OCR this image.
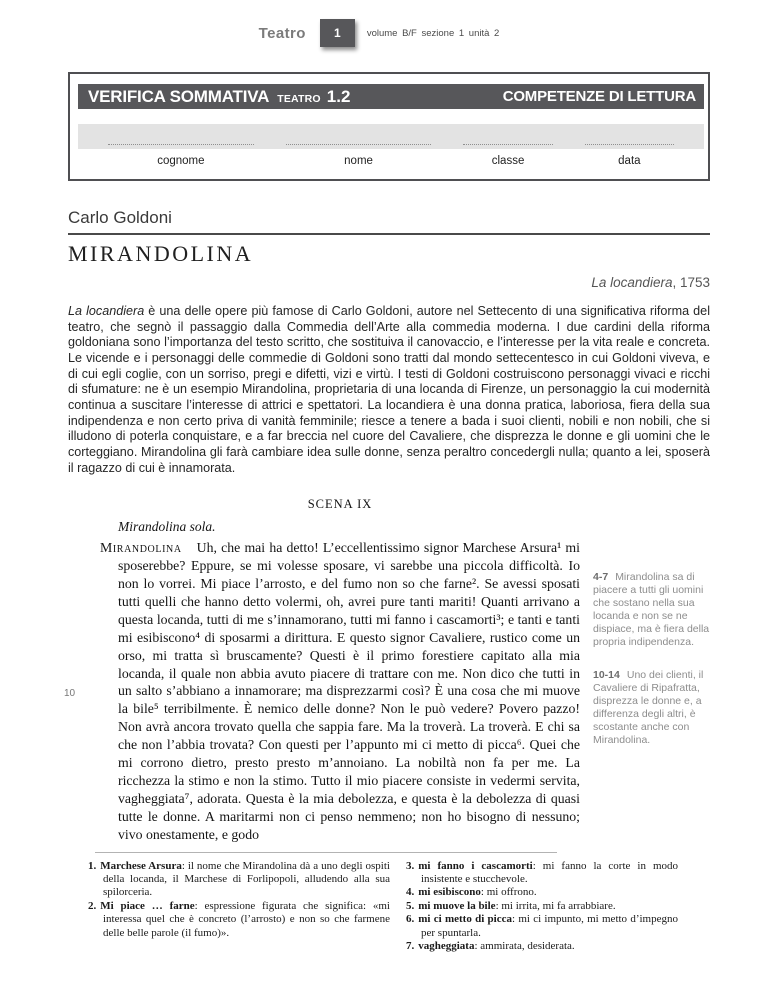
Teatro	1	volume B/F sezione 1 unità 2
VERIFICA SOMMATIVA TEATRO 1.2	COMPETENZE DI LETTURA
cognome	nome	classe	data
Carlo Goldoni
MIRANDOLINA
La locandiera, 1753

La locandiera è una delle opere più famose di Carlo Goldoni, autore nel Settecento di una significativa riforma del teatro, che segnò il passaggio dalla Commedia dell’Arte alla commedia moderna. I due cardini della riforma goldoniana sono l’importanza del testo scritto, che sostituiva il canovaccio, e l’interesse per la vita reale e concreta. Le vicende e i personaggi delle commedie di Goldoni sono tratti dal mondo settecentesco in cui Goldoni viveva, e di cui egli coglie, con un sorriso, pregi e difetti, vizi e virtù. I testi di Goldoni costruiscono personaggi vivaci e ricchi di sfumature: ne è un esempio Mirandolina, proprietaria di una locanda di Firenze, un personaggio la cui modernità continua a suscitare l’interesse di attrici e spettatori. La locandiera è una donna pratica, laboriosa, fiera della sua indipendenza e non certo priva di vanità femminile; riesce a tenere a bada i suoi clienti, nobili e non nobili, che si illudono di poterla conquistare, e a far breccia nel cuore del Cavaliere, che disprezza le donne e gli uomini che le corteggiano. Mirandolina gli farà cambiare idea sulle donne, senza peraltro concedergli nulla; quanto a lei, sposerà il ragazzo di cui è innamorata.

SCENA IX
Mirandolina sola.

10
Mirandolina Uh, che mai ha detto! L’eccellentissimo signor Marchese Arsura¹ mi sposerebbe? Eppure, se mi volesse sposare, vi sarebbe una piccola difficoltà. Io non lo vorrei. Mi piace l’arrosto, e del fumo non so che farne². Se avessi sposati tutti quelli che hanno detto volermi, oh, avrei pure tanti mariti! Quanti arrivano a questa locanda, tutti di me s’innamorano, tutti mi fanno i cascamorti³; e tanti e tanti mi esibiscono⁴ di sposarmi a dirittura. E questo signor Cavaliere, rustico come un orso, mi tratta sì bruscamente? Questi è il primo forestiere capitato alla mia locanda, il quale non abbia avuto piacere di trattare con me. Non dico che tutti in un salto s’abbiano a innamorare; ma disprezzarmi così? È una cosa che mi muove la bile⁵ terribilmente. È nemico delle donne? Non le può vedere? Povero pazzo! Non avrà ancora trovato quella che sappia fare. Ma la troverà. La troverà. E chi sa che non l’abbia trovata? Con questi per l’appunto mi ci metto di picca⁶. Quei che mi corrono dietro, presto presto m’annoiano. La nobiltà non fa per me. La ricchezza la stimo e non la stimo. Tutto il mio piacere consiste in vedermi servita, vagheggiata⁷, adorata. Questa è la mia debolezza, e questa è la debolezza di quasi tutte le donne. A maritarmi non ci penso nemmeno; non ho bisogno di nessuno; vivo onestamente, e godo

4-7 Mirandolina sa di piacere a tutti gli uomini che sostano nella sua locanda e non se ne dispiace, ma è fiera della propria indipendenza.
10-14 Uno dei clienti, il Cavaliere di Ripafratta, disprezza le donne e, a differenza degli altri, è scostante anche con Mirandolina.
1. Marchese Arsura: il nome che Mirandolina dà a uno degli ospiti della locanda, il Marchese di Forlipopoli, alludendo alla sua spilorceria.
2. Mi piace … farne: espressione figurata che significa: «mi interessa quel che è concreto (l’arrosto) e non so che farmene delle belle parole (il fumo)».
3. mi fanno i cascamorti: mi fanno la corte in modo insistente e stucchevole.
4. mi esibiscono: mi offrono.
5. mi muove la bile: mi irrita, mi fa arrabbiare.
6. mi ci metto di picca: mi ci impunto, mi metto d’impegno per spuntarla.
7. vagheggiata: ammirata, desiderata.
